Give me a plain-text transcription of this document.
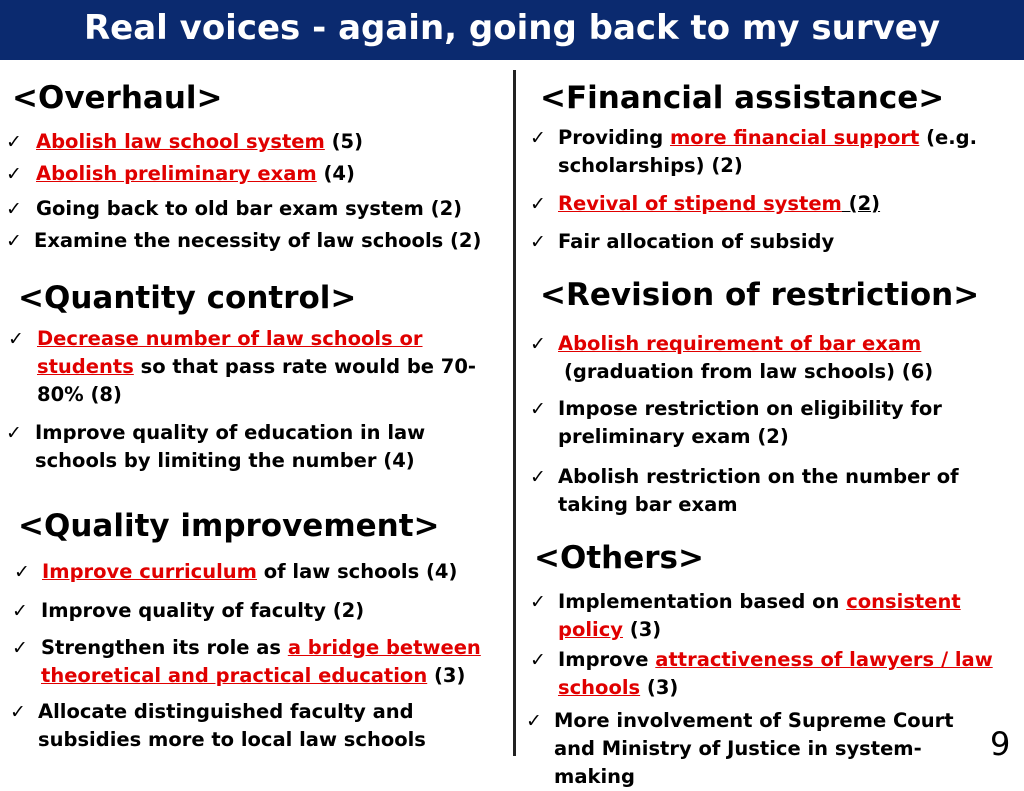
Real voices - again, going back to my survey
<Overhaul>
✓ Abolish law school system (5)
✓ Abolish preliminary exam (4)
✓ Going back to old bar exam system (2)
✓ Examine the necessity of law schools (2)
<Quantity control>
✓ Decrease number of law schools or
students so that pass rate would be 70-80% (8)
✓ Improve quality of education in law schools by limiting the number (4)
<Quality improvement>
✓ Improve curriculum of law schools (4)
✓ Improve quality of faculty (2)
✓ Strengthen its role as a bridge between
theoretical and practical education (3)
✓ Allocate distinguished faculty and subsidies more to local law schools
<Financial assistance>
✓ Providing more financial support (e.g. scholarships) (2)
✓ Revival of stipend system (2)
✓ Fair allocation of subsidy
<Revision of restriction>
✓ Abolish requirement of bar exam
(graduation from law schools) (6)
✓ Impose restriction on eligibility for preliminary exam (2)
✓ Abolish restriction on the number of taking bar exam
<Others>
✓ Implementation based on consistent policy (3)
✓ Improve attractiveness of lawyers / law schools (3)
✓ More involvement of Supreme Court and Ministry of Justice in system-making
9
